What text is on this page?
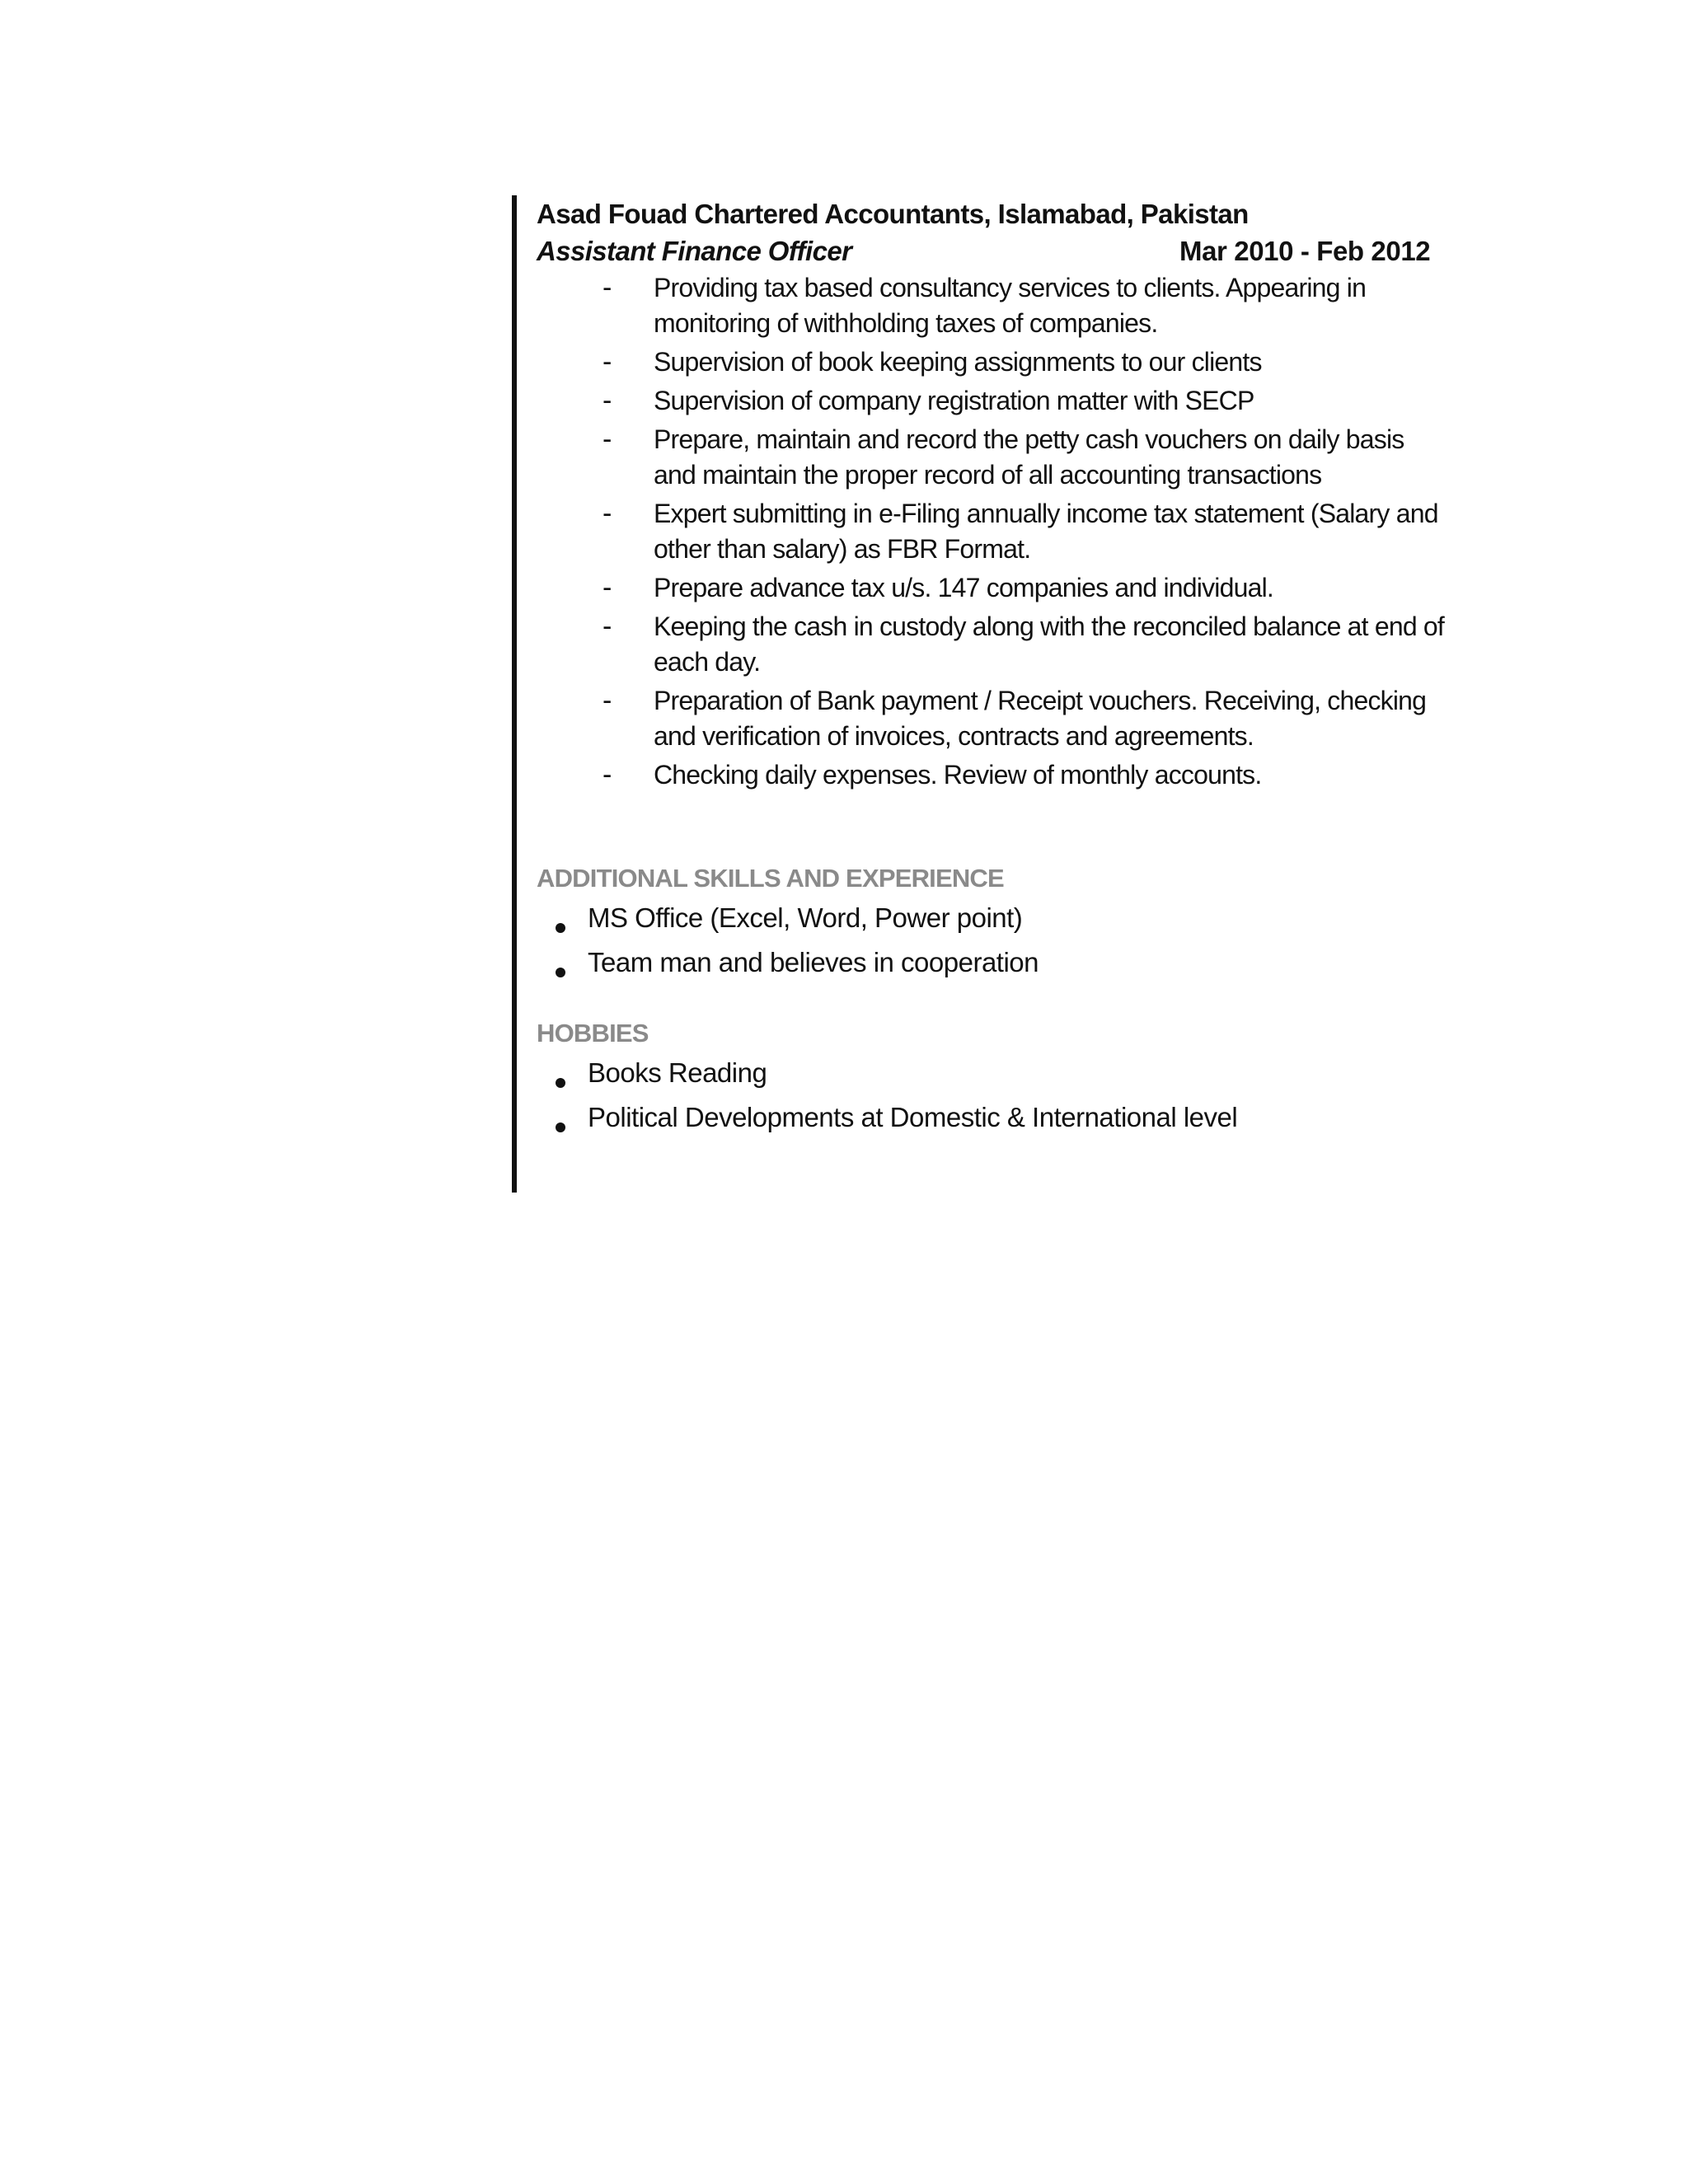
Asad Fouad Chartered Accountants, Islamabad, Pakistan
Assistant Finance Officer	Mar 2010 - Feb 2012
- Providing tax based consultancy services to clients. Appearing in monitoring of withholding taxes of companies.
- Supervision of book keeping assignments to our clients
- Supervision of company registration matter with SECP
- Prepare, maintain and record the petty cash vouchers on daily basis and maintain the proper record of all accounting transactions
- Expert submitting in e-Filing annually income tax statement (Salary and other than salary) as FBR Format.
- Prepare advance tax u/s. 147 companies and individual.
- Keeping the cash in custody along with the reconciled balance at end of each day.
- Preparation of Bank payment / Receipt vouchers. Receiving, checking and verification of invoices, contracts and agreements.
- Checking daily expenses. Review of monthly accounts.
ADDITIONAL SKILLS AND EXPERIENCE
MS Office (Excel, Word, Power point)
Team man and believes in cooperation
HOBBIES
Books Reading
Political Developments at Domestic & International level
